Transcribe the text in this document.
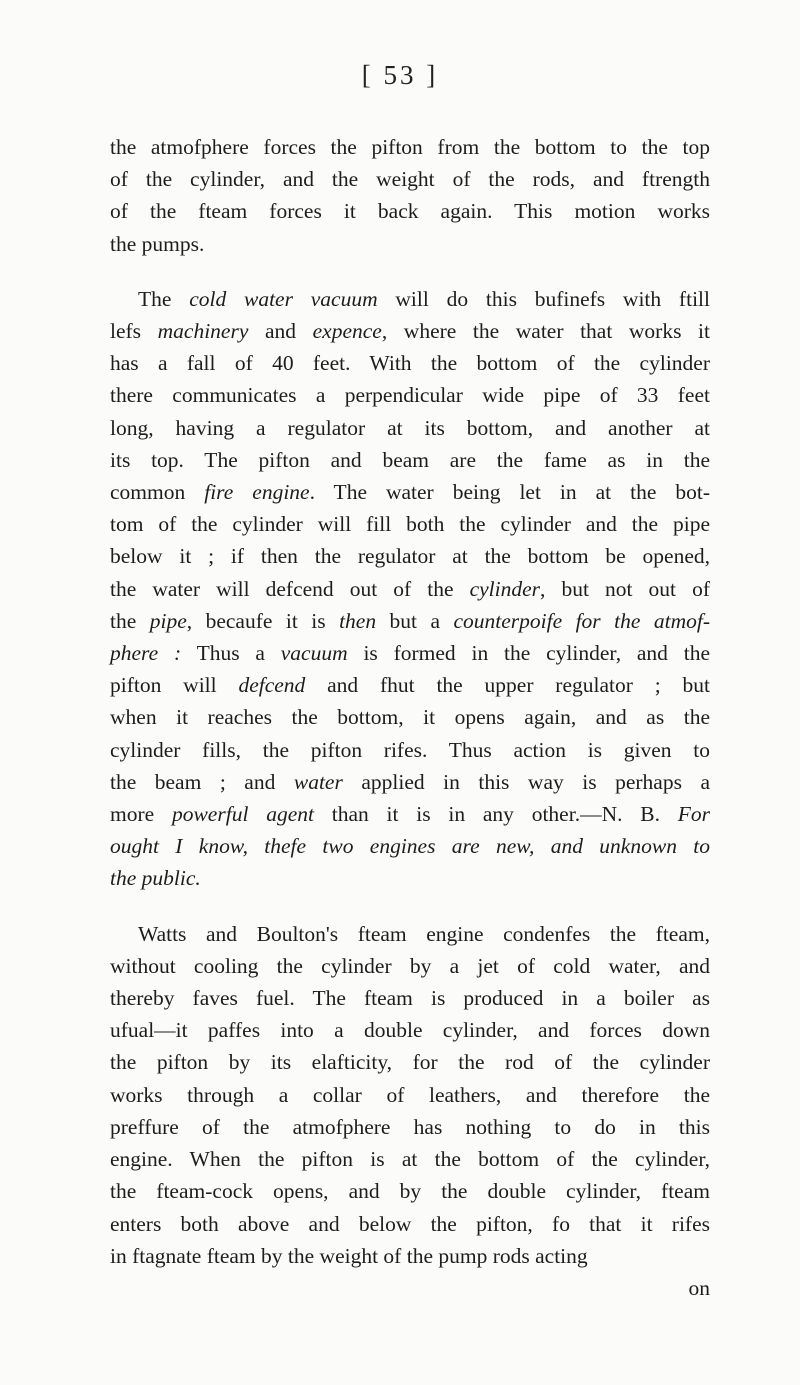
[ 53 ]
the atmofphere forces the pifton from the bottom to the top
of the cylinder, and the weight of the rods, and ftrength
of the fteam forces it back again. This motion works
the pumps.
The cold water vacuum will do this bufinefs with ftill
lefs machinery and expence, where the water that works it
has a fall of 40 feet. With the bottom of the cylinder
there communicates a perpendicular wide pipe of 33 feet
long, having a regulator at its bottom, and another at
its top. The pifton and beam are the fame as in the
common fire engine. The water being let in at the bot-
tom of the cylinder will fill both the cylinder and the pipe
below it ; if then the regulator at the bottom be opened,
the water will defcend out of the cylinder, but not out of
the pipe, becaufe it is then but a counterpoife for the atmof-
phere : Thus a vacuum is formed in the cylinder, and the
pifton will defcend and fhut the upper regulator ; but
when it reaches the bottom, it opens again, and as the
cylinder fills, the pifton rifes. Thus action is given to
the beam ; and water applied in this way is perhaps a
more powerful agent than it is in any other.—N. B. For
ought I know, thefe two engines are new, and unknown to
the public.
Watts and Boulton's fteam engine condenfes the fteam,
without cooling the cylinder by a jet of cold water, and
thereby faves fuel. The fteam is produced in a boiler as
ufual—it paffes into a double cylinder, and forces down
the pifton by its elafticity, for the rod of the cylinder
works through a collar of leathers, and therefore the
preffure of the atmofphere has nothing to do in this
engine. When the pifton is at the bottom of the cylinder,
the fteam-cock opens, and by the double cylinder, fteam
enters both above and below the pifton, fo that it rifes
in ftagnate fteam by the weight of the pump rods acting
on
